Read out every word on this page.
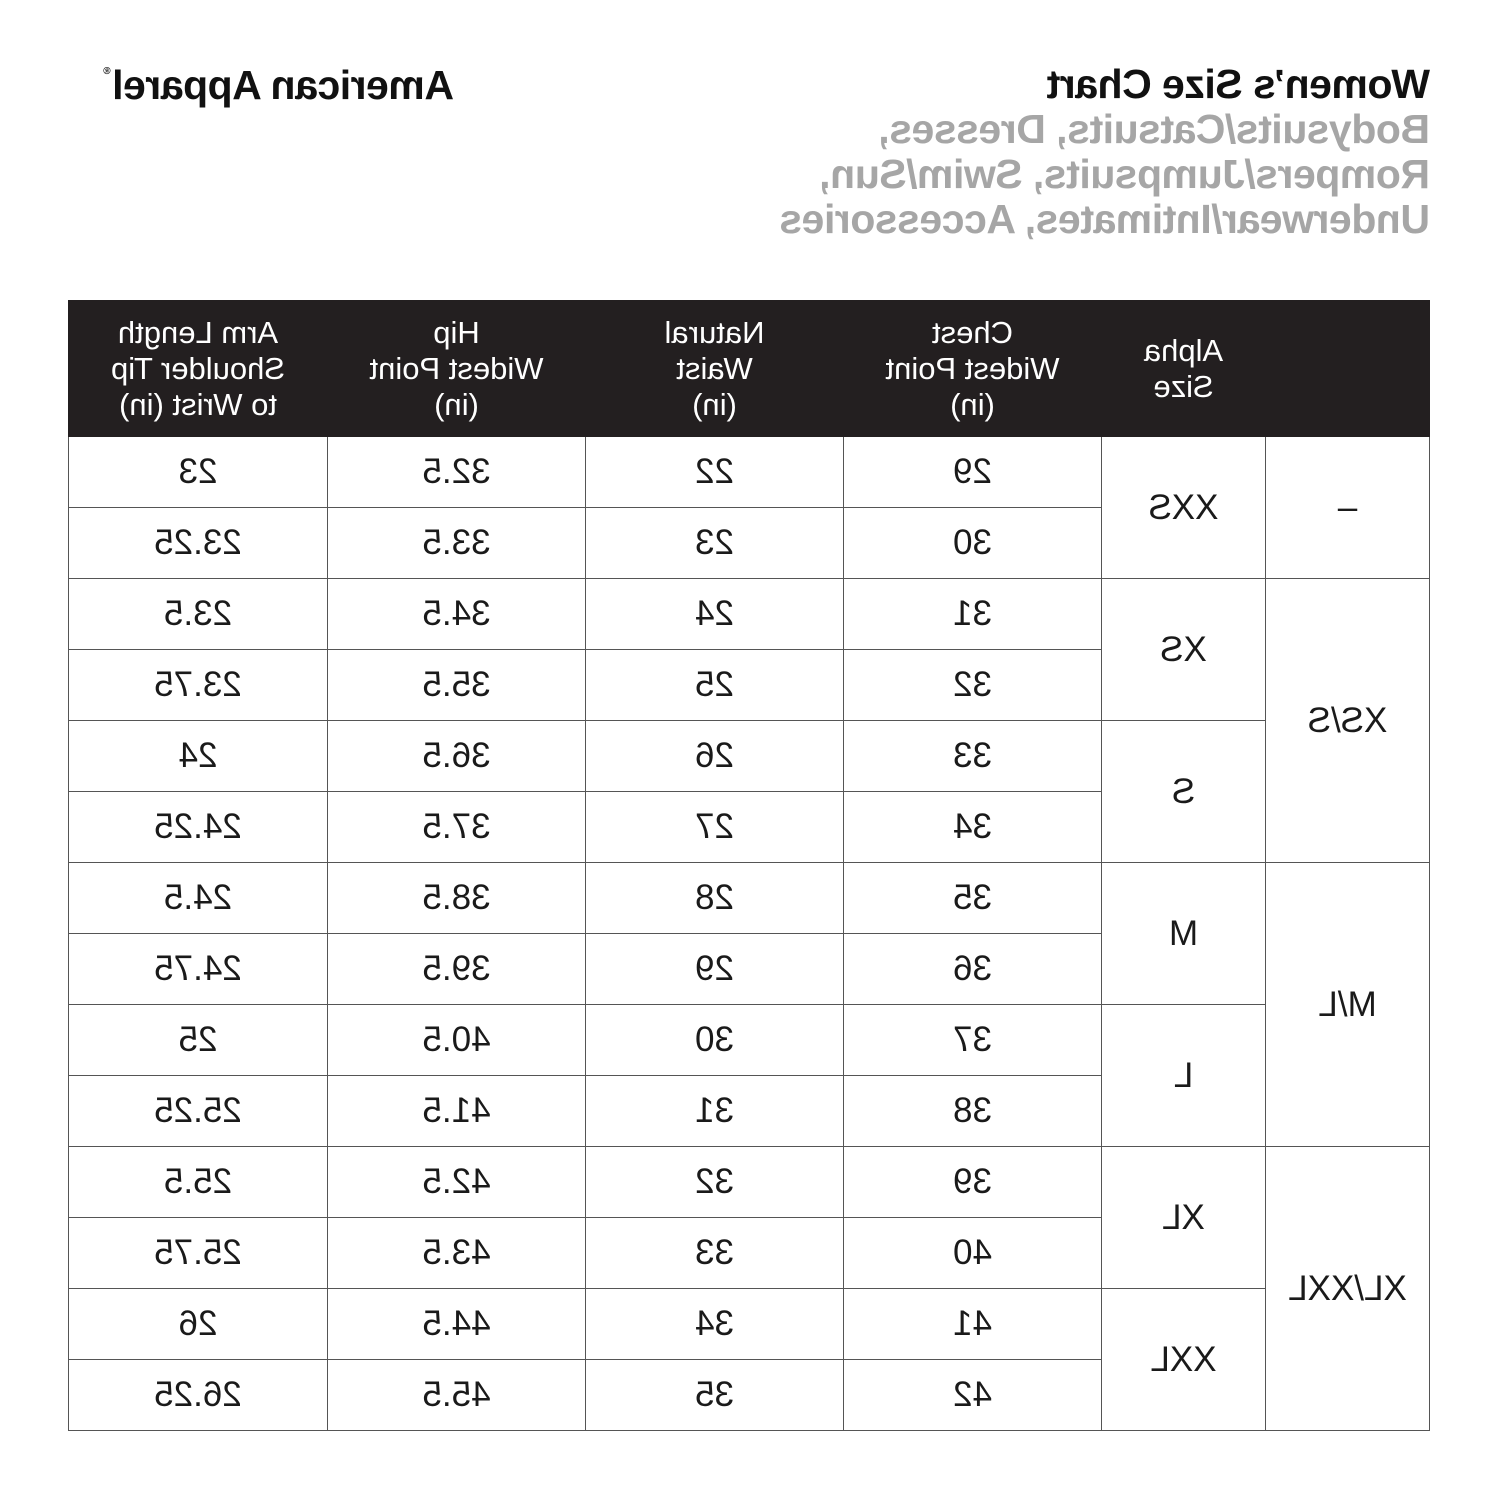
American Apparel®	Women’s Size Chart
Bodysuits/Catsuits, Dresses,
Rompers/Jumpsuits, Swim/Sun,
Underwear/Intimates, Accessories

	Alpha
Size	Chest
Widest Point
(in)	Natural
Waist
(in)	Hip
Widest Point
(in)	Arm Length
Shoulder Tip
to Wrist (in)

–	XXS	29	22	32.5	23
		30	23	33.5	23.25
XS/S	XS	31	24	34.5	23.5
		32	25	35.5	23.75
	S	33	26	36.5	24
		34	27	37.5	24.25
M/L	M	35	28	38.5	24.5
		36	29	39.5	24.75
	L	37	30	40.5	25
		38	31	41.5	25.25
XL/XXL	XL	39	32	42.5	25.5
		40	33	43.5	25.75
	XXL	41	34	44.5	26
		42	35	45.5	26.25
